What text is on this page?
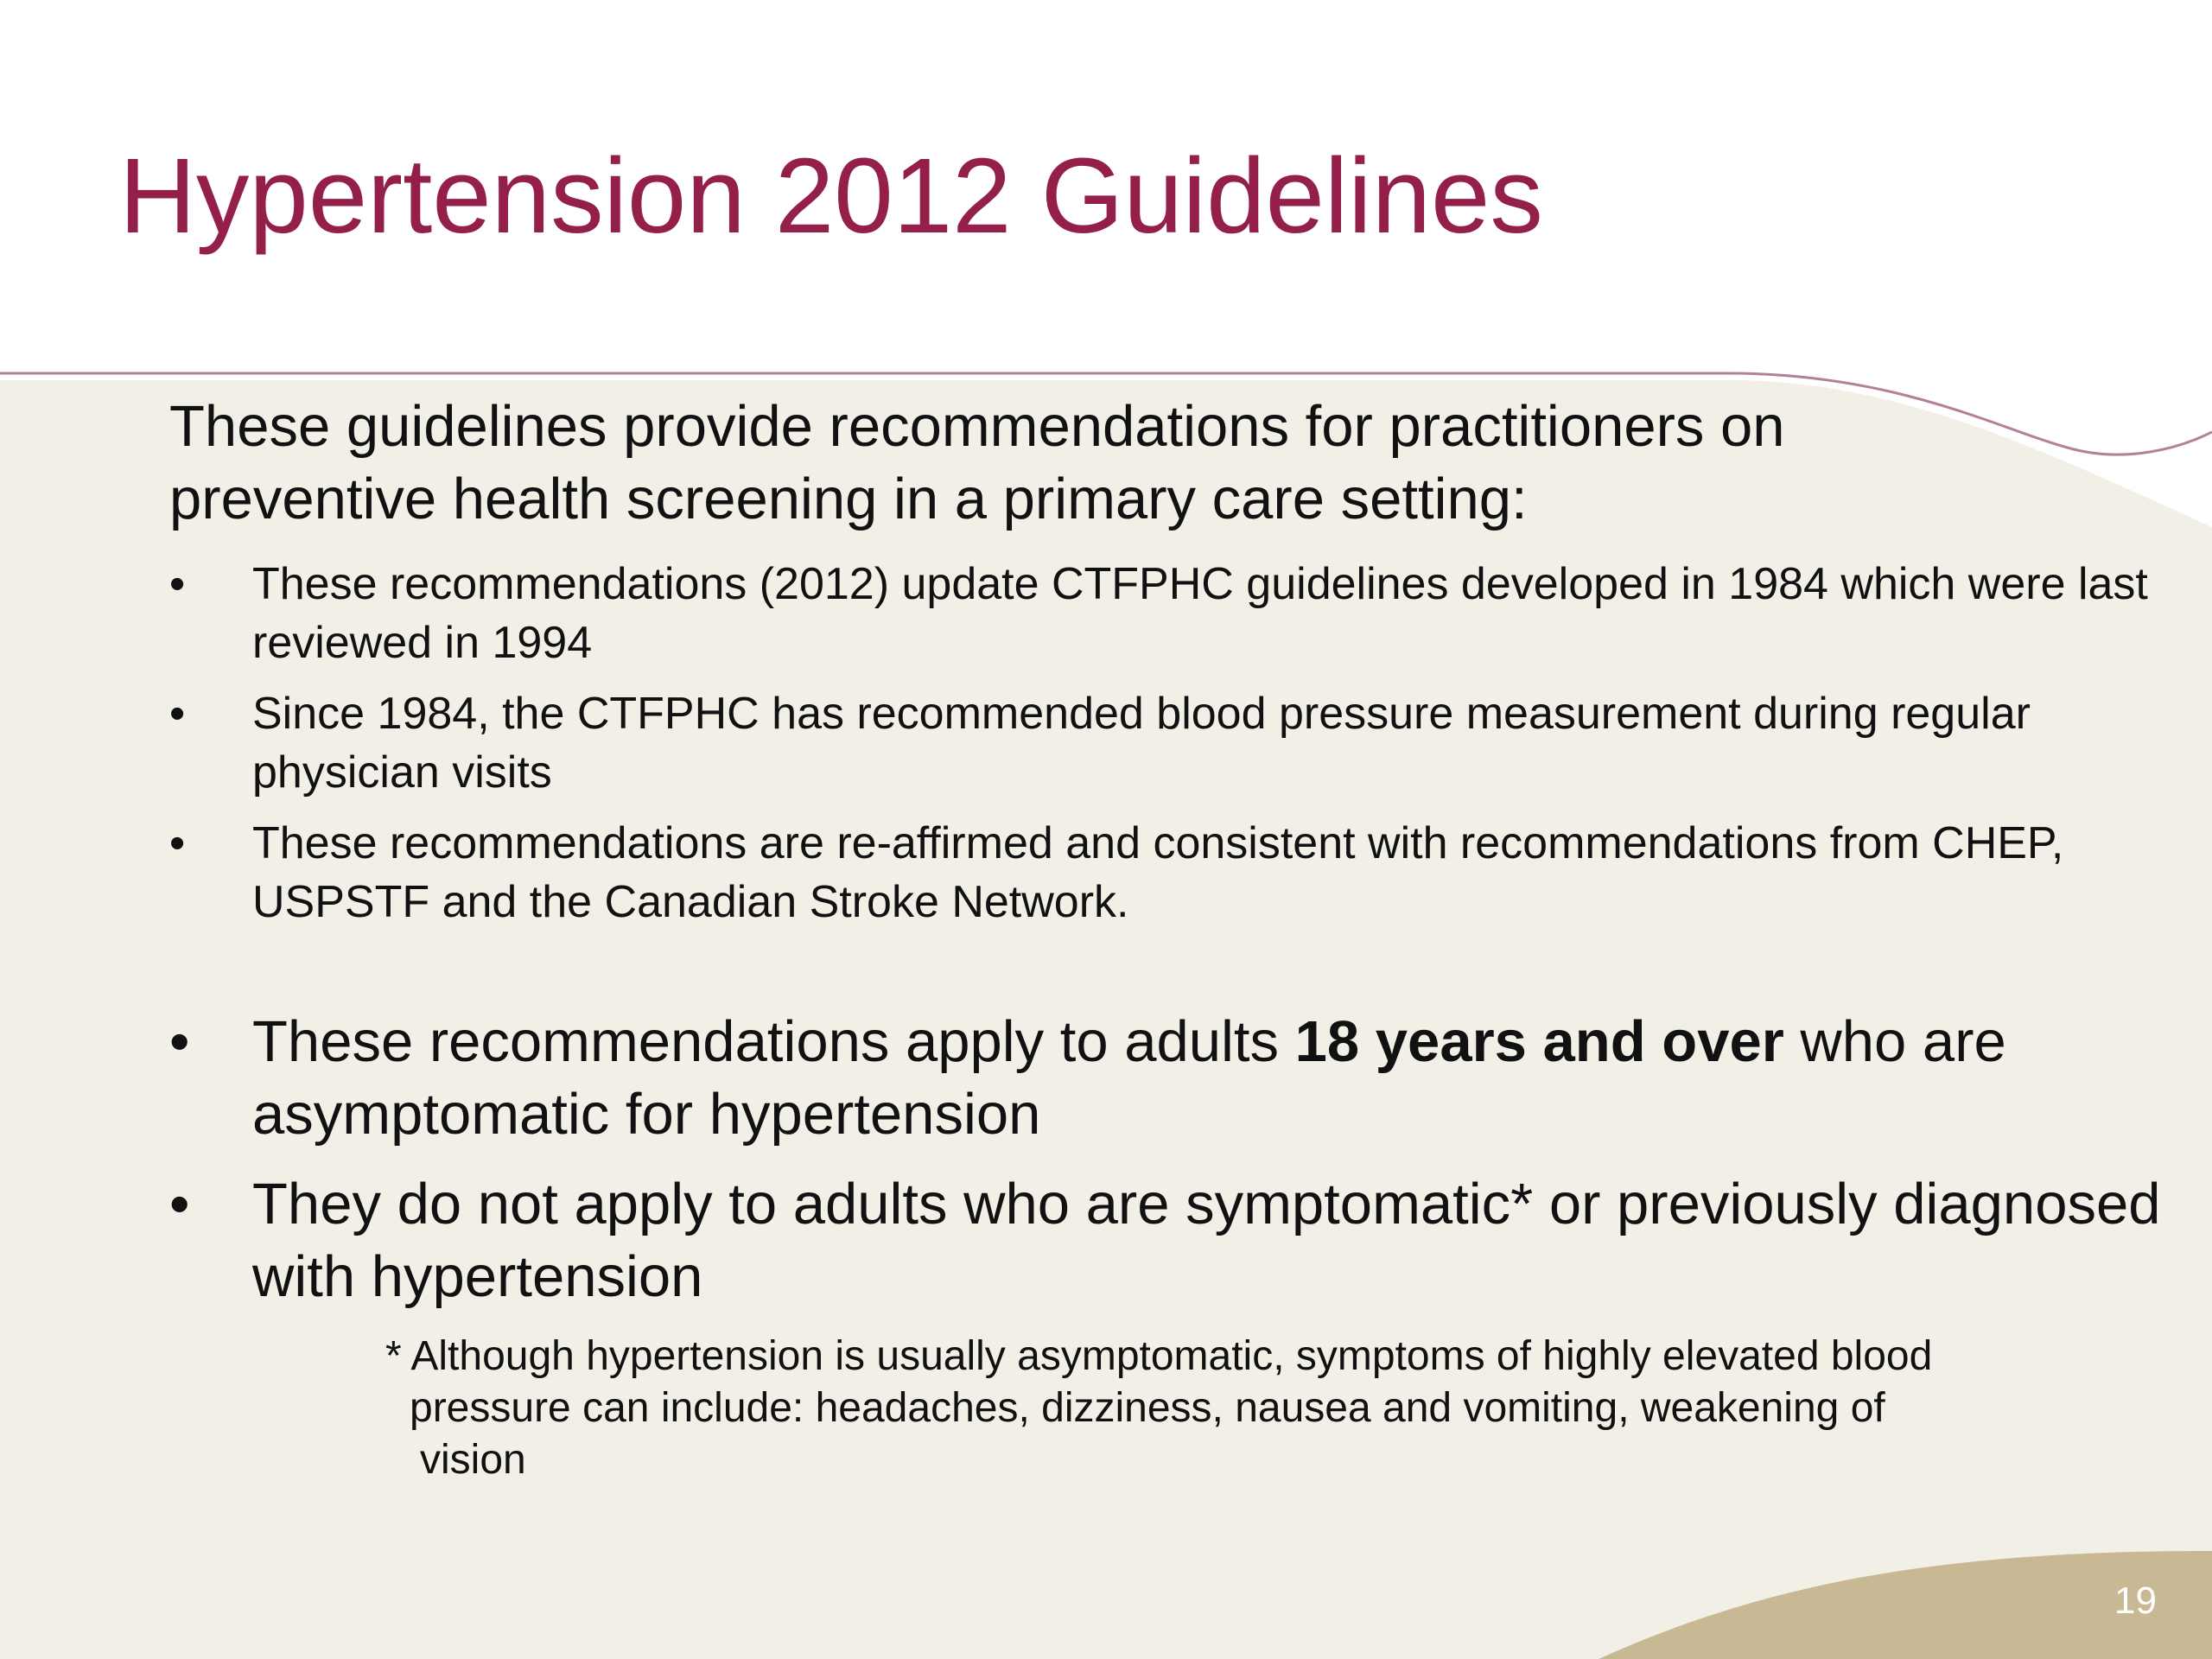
Hypertension 2012 Guidelines

These guidelines provide recommendations for practitioners on preventive health screening in a primary care setting:

• These recommendations (2012) update CTFPHC guidelines developed in 1984 which were last reviewed in 1994
• Since 1984, the CTFPHC has recommended blood pressure measurement during regular physician visits
• These recommendations are re-affirmed and consistent with recommendations from CHEP, USPSTF and the Canadian Stroke Network.
• These recommendations apply to adults 18 years and over who are asymptomatic for hypertension
• They do not apply to adults who are symptomatic* or previously diagnosed with hypertension

* Although hypertension is usually asymptomatic, symptoms of highly elevated blood
pressure can include: headaches, dizziness, nausea and vomiting, weakening of
vision

19
